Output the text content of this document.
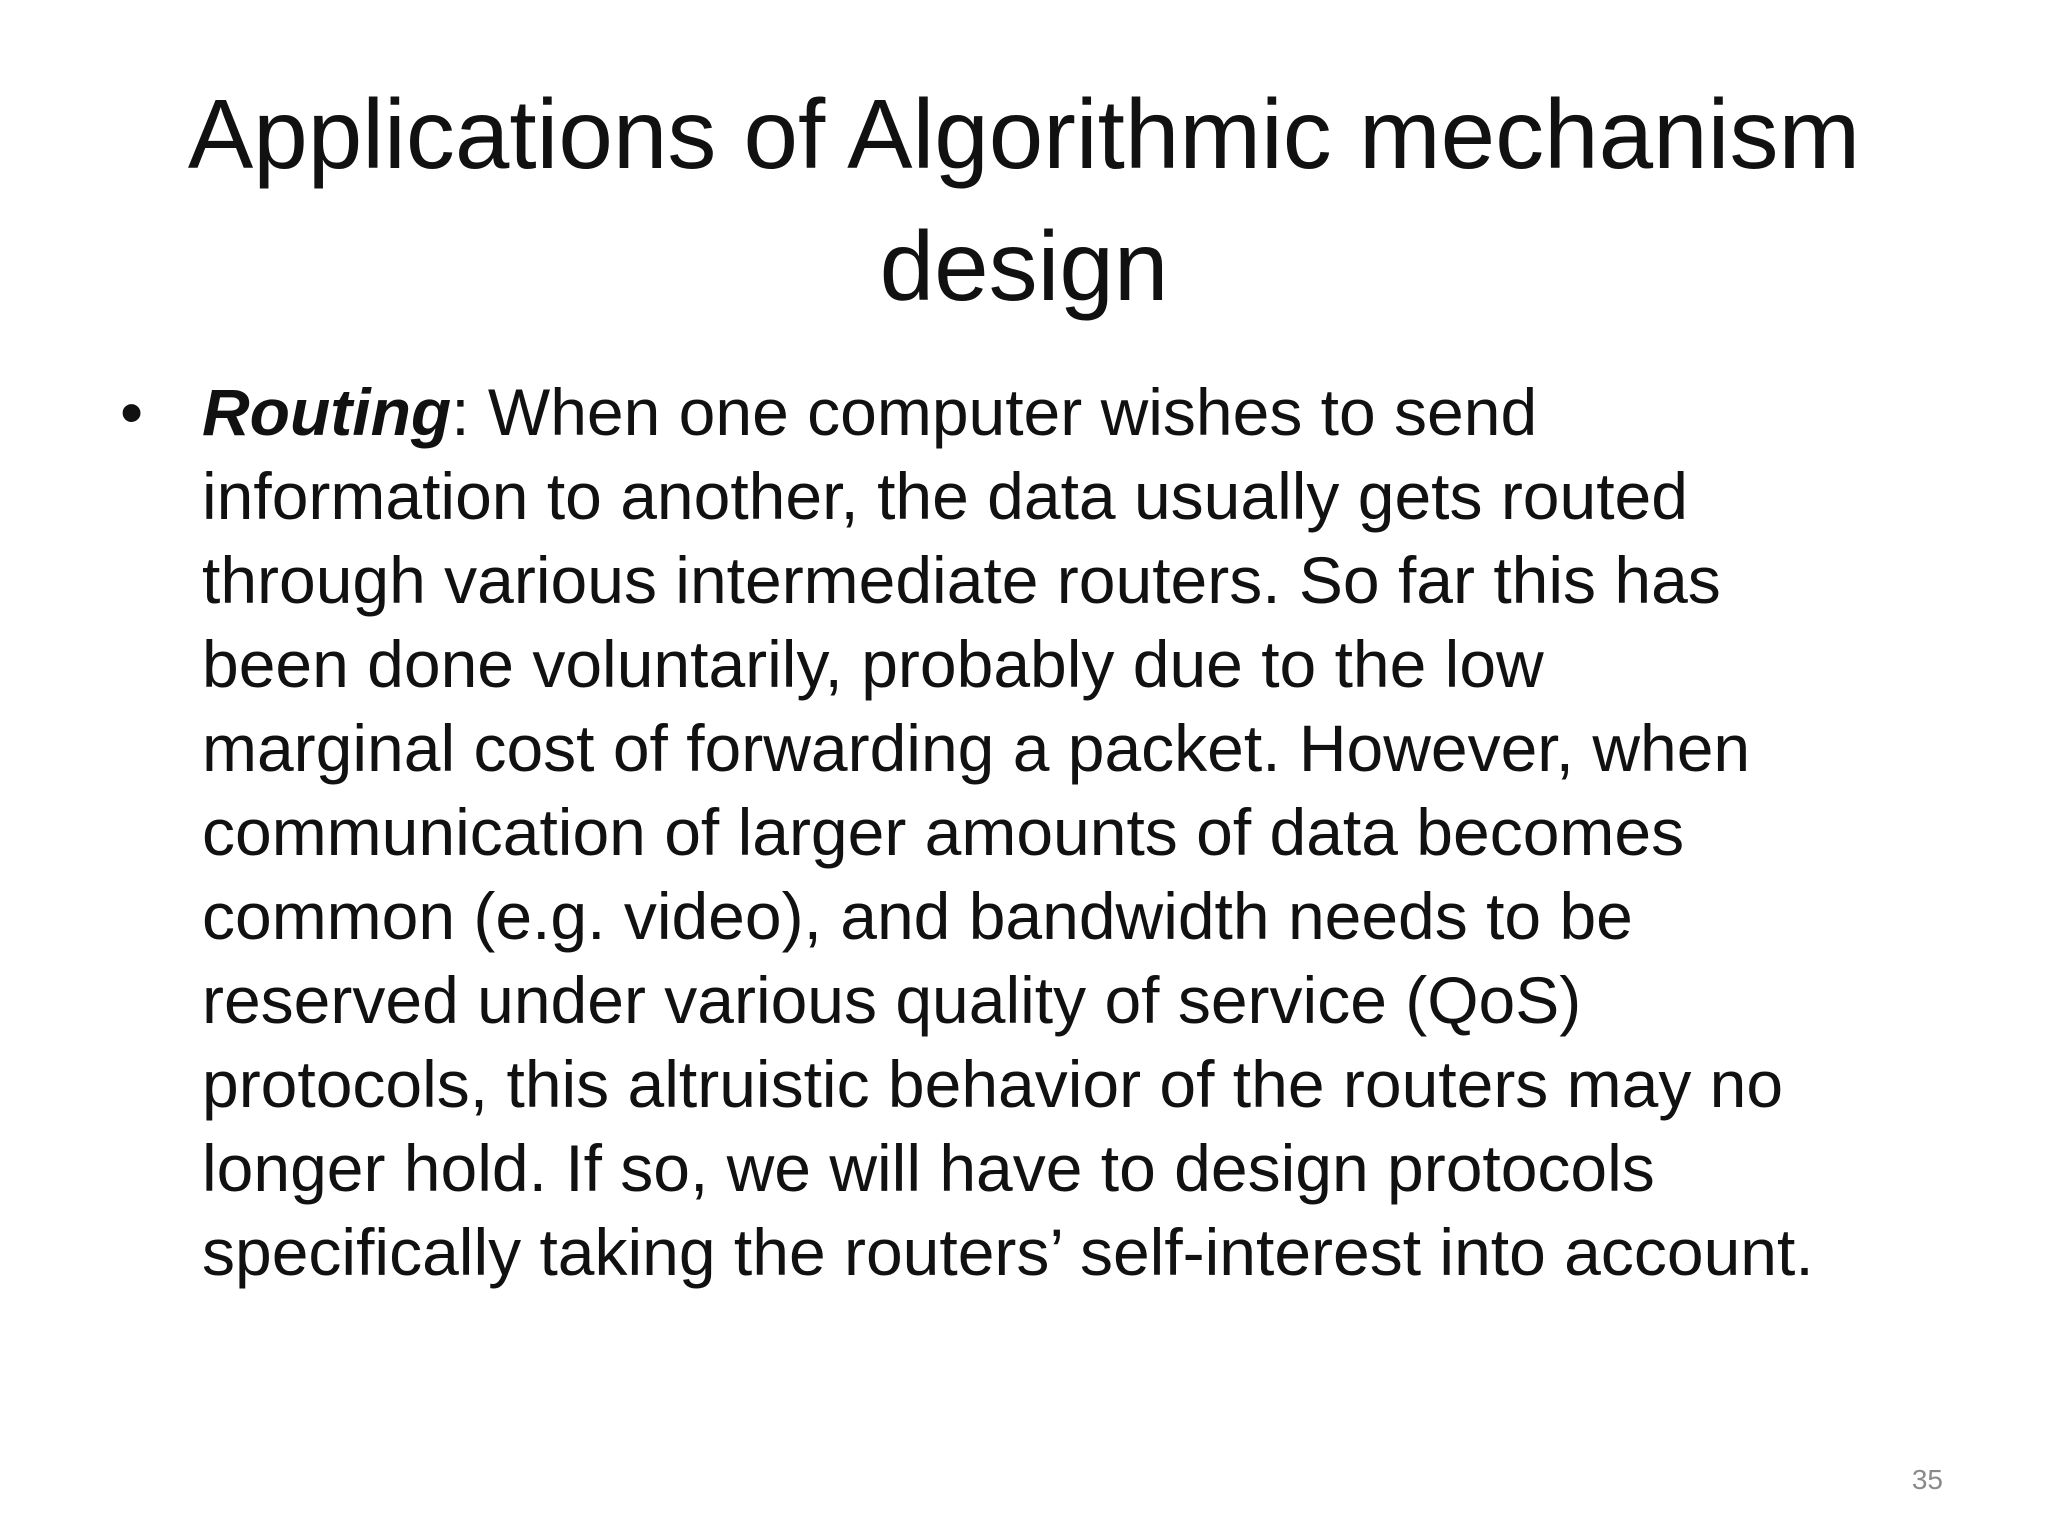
Applications of Algorithmic mechanism
design
• Routing: When one computer wishes to send
information to another, the data usually gets routed
through various intermediate routers. So far this has
been done voluntarily, probably due to the low
marginal cost of forwarding a packet. However, when
communication of larger amounts of data becomes
common (e.g. video), and bandwidth needs to be
reserved under various quality of service (QoS)
protocols, this altruistic behavior of the routers may no
longer hold. If so, we will have to design protocols
specifically taking the routers’ self-interest into account.
35
